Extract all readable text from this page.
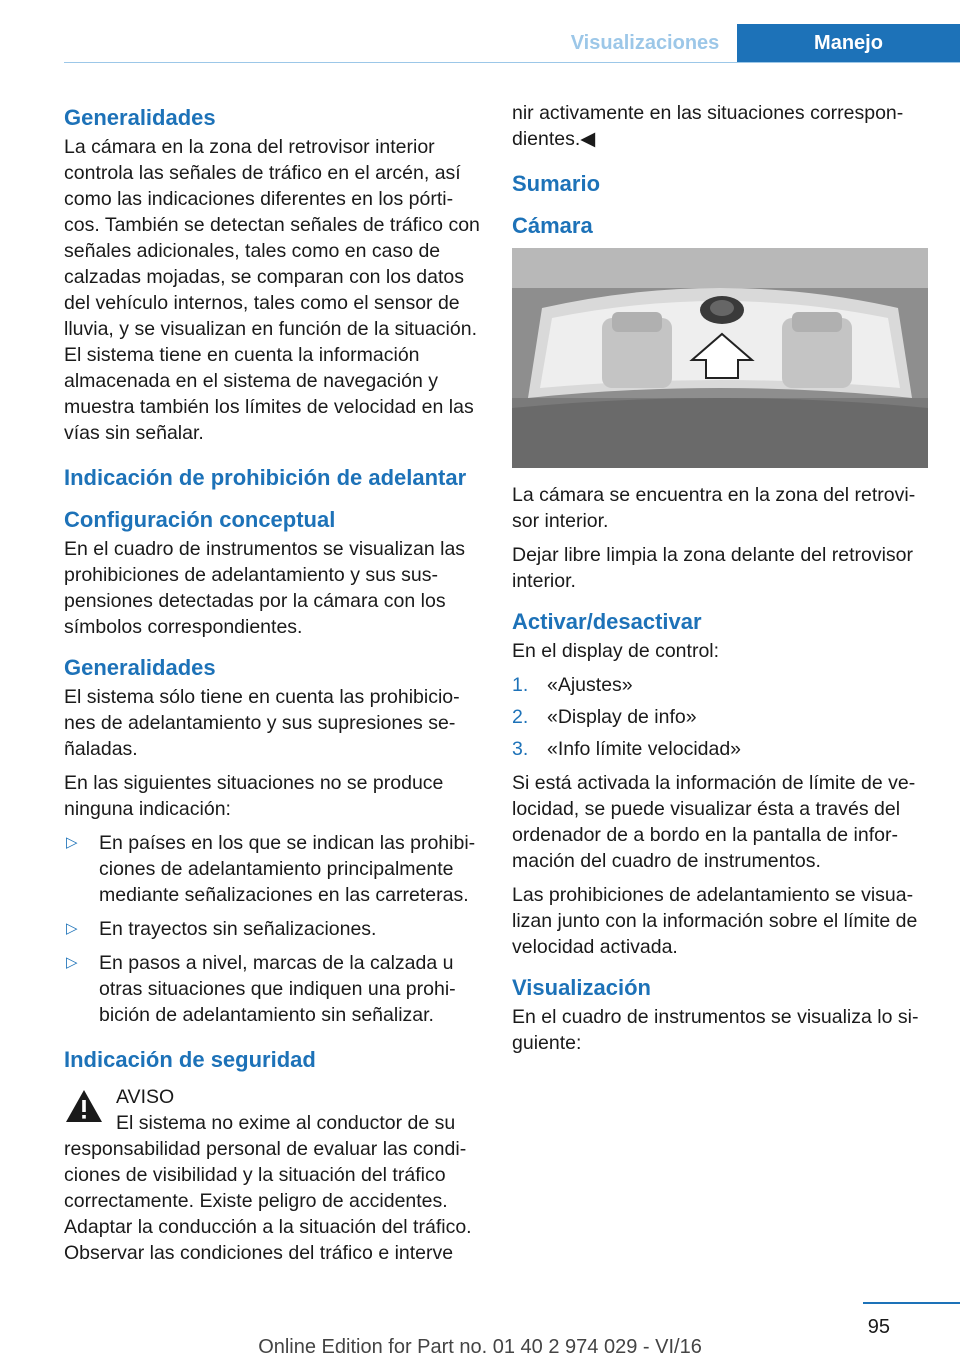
Visualizaciones	Manejo
Generalidades

La cámara en la zona del retrovisor interior controla las señales de tráfico en el arcén, así como las indicaciones diferentes en los pórticos. También se detectan señales de tráfico con señales adicionales, tales como en caso de calzadas mojadas, se comparan con los datos del vehículo internos, tales como el sensor de lluvia, y se visualizan en función de la situación. El sistema tiene en cuenta la información almacenada en el sistema de navegación y muestra también los límites de velocidad en las vías sin señalar.

Indicación de prohibición de adelantar
Configuración conceptual

En el cuadro de instrumentos se visualizan las prohibiciones de adelantamiento y sus suspensiones detectadas por la cámara con los símbolos correspondientes.

Generalidades

El sistema sólo tiene en cuenta las prohibiciones de adelantamiento y sus supresiones señaladas.

En las siguientes situaciones no se produce ninguna indicación:

▷ En países en los que se indican las prohibiciones de adelantamiento principalmente mediante señalizaciones en las carreteras.
▷ En trayectos sin señalizaciones.
▷ En pasos a nivel, marcas de la calzada u otras situaciones que indiquen una prohibición de adelantamiento sin señalizar.
Indicación de seguridad
AVISO
El sistema no exime al conductor de su
responsabilidad personal de evaluar las condiciones de visibilidad y la situación del tráfico correctamente. Existe peligro de accidentes. Adaptar la conducción a la situación del tráfico. Observar las condiciones del tráfico e interve

nir activamente en las situaciones correspondientes.◀

Sumario
Cámara

La cámara se encuentra en la zona del retrovisor interior.

Dejar libre limpia la zona delante del retrovisor interior.

Activar/desactivar

En el display de control:

1. «Ajustes»
2. «Display de info»
3. «Info límite velocidad»

Si está activada la información de límite de velocidad, se puede visualizar ésta a través del ordenador de a bordo en la pantalla de información del cuadro de instrumentos.

Las prohibiciones de adelantamiento se visualizan junto con la información sobre el límite de velocidad activada.

Visualización

En el cuadro de instrumentos se visualiza lo siguiente:

95
Online Edition for Part no. 01 40 2 974 029 - VI/16
